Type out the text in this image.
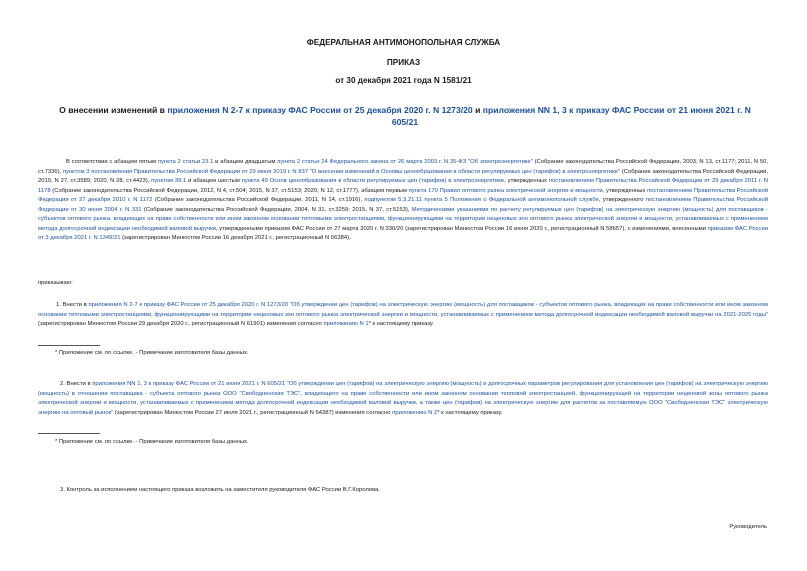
ФЕДЕРАЛЬНАЯ АНТИМОНОПОЛЬНАЯ СЛУЖБА
ПРИКАЗ
от 30 декабря 2021 года N 1581/21
О внесении изменений в приложения N 2-7 к приказу ФАС России от 25 декабря 2020 г. N 1273/20 и приложения NN 1, 3 к приказу ФАС России от 21 июня 2021 г. N 605/21
В соответствии с абзацем пятым пункта 2 статьи 23.1 и абзацем двадцатым пункта 2 статьи 24 Федерального закона от 26 марта 2003 г. N 35-ФЗ "Об электроэнергетике" (Собрание законодательства Российской Федерации, 2003, N 13, ст.1177; 2011, N 50, ст.7336), пунктом 3 постановления Правительства Российской Федерации от 29 июня 2019 г. N 837 "О внесении изменений в Основы ценообразования в области регулируемых цен (тарифов) в электроэнергетике" (Собрание законодательства Российской Федерации, 2019, N 27, ст.3589; 2020, N 28, ст.4423), пунктом 39.1 и абзацем шестым пункта 49 Основ ценообразования в области регулируемых цен (тарифов) в электроэнергетике, утвержденных постановлением Правительства Российской Федерации от 29 декабря 2011 г. N 1178 (Собрание законодательства Российской Федерации, 2012, N 4, ст.504; 2015, N 37, ст.5153; 2020, N 12, ст.1777), абзацем первым пункта 170 Правил оптового рынка электрической энергии и мощности, утвержденных постановлением Правительства Российской Федерации от 27 декабря 2010 г. N 1172 (Собрание законодательства Российской Федерации, 2011, N 14, ст.1916), подпунктом 5.3.21.11 пункта 5 Положения о Федеральной антимонопольной службе, утвержденного постановлением Правительства Российской Федерации от 30 июня 2004 г. N 331 (Собрание законодательства Российской Федерации, 2004, N 31, ст.3259; 2015, N 37, ст.5153), Методическими указаниями по расчету регулируемых цен (тарифов) на электрическую энергию (мощность) для поставщиков - субъектов оптового рынка, владеющих на праве собственности или ином законном основании тепловыми электростанциями, функционирующими на территории неценовых зон оптового рынка электрической энергии и мощности, устанавливаемых с применением метода долгосрочной индексации необходимой валовой выручки, утвержденными приказом ФАС России от 27 марта 2020 г. N 330/20 (зарегистрирован Минюстом России 16 июня 2020 г., регистрационный N 58657), с изменениями, внесенными приказом ФАС России от 3 декабря 2021 г. N 1349/21 (зарегистрирован Минюстом России 16 декабря 2021 г., регистрационный N 66384),
приказываю:
1. Внести в приложения N 2-7 к приказу ФАС России от 25 декабря 2020 г. N 1273/20 "Об утверждении цен (тарифов) на электрическую энергию (мощность) для поставщиков - субъектов оптового рынка, владеющих на праве собственности или ином законном основании тепловыми электростанциями, функционирующими на территории неценовых зон оптового рынка электрической энергии и мощности, устанавливаемых с применением метода долгосрочной индексации необходимой валовой выручки на 2021-2025 годы" (зарегистрирован Минюстом России 29 декабря 2020 г., регистрационный N 61901) изменения согласно приложению N 1* к настоящему приказу.
* Приложение см. по ссылке. - Примечание изготовителя базы данных.
2. Внести в приложения NN 1, 3 к приказу ФАС России от 21 июня 2021 г. N 605/21 "Об утверждении цен (тарифов) на электрическую энергию (мощность) и долгосрочных параметров регулирования для установления цен (тарифов) на электрическую энергию (мощность) в отношении поставщика - субъекта оптового рынка ООО "Свободненская ТЭС", владеющего на праве собственности или ином законном основании тепловой электростанцией, функционирующей на территории неценовой зоны оптового рынка электрической энергии и мощности, устанавливаемых с применением метода долгосрочной индексации необходимой валовой выручки, а также цен (тарифов) на электрическую энергию для расчетов за поставляемую ООО "Свободненская ТЭС" электрическую энергию на оптовый рынок" (зарегистрирован Минюстом России 27 июля 2021 г., регистрационный N 64387) изменения согласно приложению N 2* к настоящему приказу.
* Приложение см. по ссылке. - Примечание изготовителя базы данных.
3. Контроль за исполнением настоящего приказа возложить на заместителя руководителя ФАС России В.Г.Королева.
Руководитель
